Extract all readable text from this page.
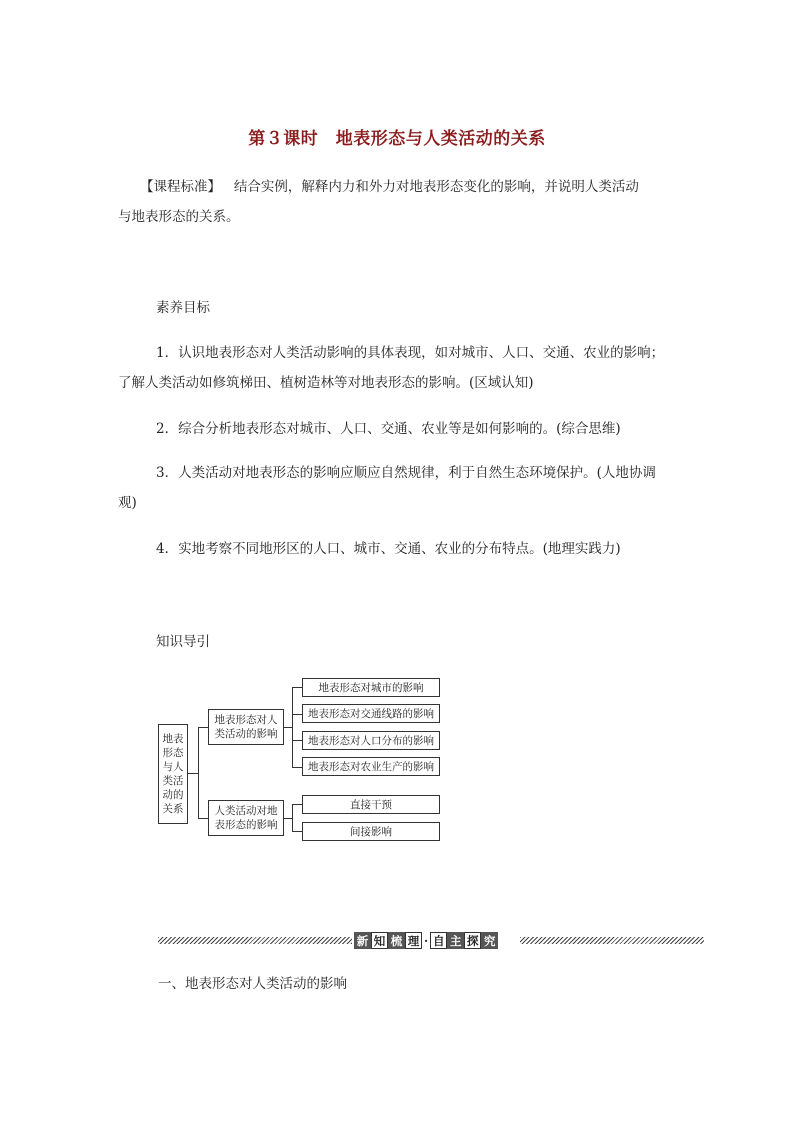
第３课时　地表形态与人类活动的关系
【课程标准】 结合实例，解释内力和外力对地表形态变化的影响，并说明人类活动
与地表形态的关系。
素养目标
1．认识地表形态对人类活动影响的具体表现，如对城市、人口、交通、农业的影响；
了解人类活动如修筑梯田、植树造林等对地表形态的影响。(区域认知)
2．综合分析地表形态对城市、人口、交通、农业等是如何影响的。(综合思维)
3．人类活动对地表形态的影响应顺应自然规律，利于自然生态环境保护。(人地协调
观)
4．实地考察不同地形区的人口、城市、交通、农业的分布特点。(地理实践力)
知识导引
地表
形态
与人
类活
动的
关系
地表形态对人
类活动的影响
地表形态对城市的影响
地表形态对交通线路的影响
地表形态对人口分布的影响
地表形态对农业生产的影响
人类活动对地
表形态的影响
直接干预
间接影响
新 知 梳 理 · 自 主 探 究
一、地表形态对人类活动的影响
